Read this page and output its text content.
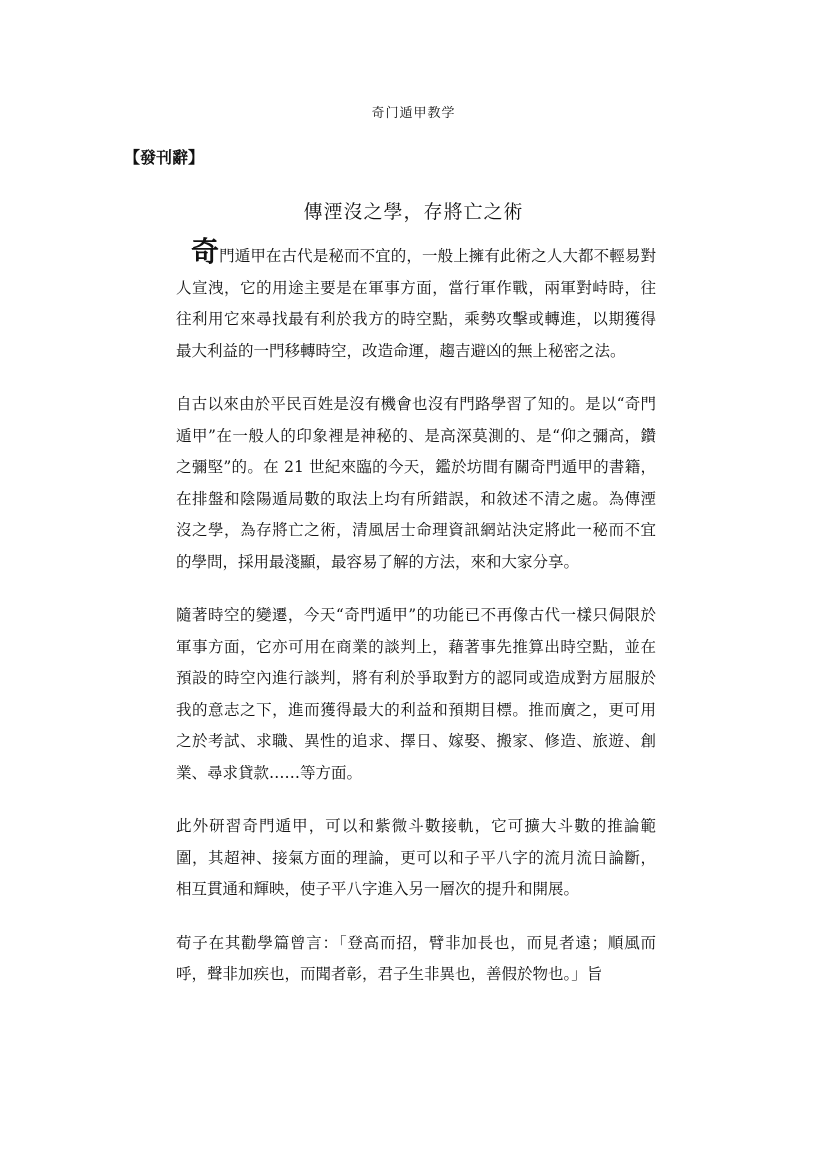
奇门遁甲教学
【發刊辭】
傳湮沒之學，存將亡之術

奇門遁甲在古代是秘而不宜的，一般上擁有此術之人大都不輕易對人宣洩，它的用途主要是在軍事方面，當行軍作戰，兩軍對峙時，往往利用它來尋找最有利於我方的時空點，乘勢攻擊或轉進，以期獲得最大利益的一門移轉時空，改造命運，趨吉避凶的無上秘密之法。

自古以來由於平民百姓是沒有機會也沒有門路學習了知的。是以“奇門遁甲”在一般人的印象裡是神秘的、是高深莫測的、是“仰之彌高，鑽之彌堅”的。在 21 世紀來臨的今天，鑑於坊間有關奇門遁甲的書籍，在排盤和陰陽遁局數的取法上均有所錯誤，和敘述不清之處。為傳湮沒之學，為存將亡之術，清風居士命理資訊網站決定將此一秘而不宜的學問，採用最淺顯，最容易了解的方法，來和大家分享。

隨著時空的變遷，今天“奇門遁甲”的功能已不再像古代一樣只侷限於軍事方面，它亦可用在商業的談判上，藉著事先推算出時空點，並在預設的時空內進行談判，將有利於爭取對方的認同或造成對方屈服於我的意志之下，進而獲得最大的利益和預期目標。推而廣之，更可用之於考試、求職、異性的追求、擇日、嫁娶、搬家、修造、旅遊、創業、尋求貸款……等方面。

此外研習奇門遁甲，可以和紫微斗數接軌，它可擴大斗數的推論範圍，其超神、接氣方面的理論，更可以和子平八字的流月流日論斷，相互貫通和輝映，使子平八字進入另一層次的提升和開展。

荀子在其勸學篇曾言：「登高而招，臂非加長也，而見者遠；順風而呼，聲非加疾也，而聞者彰，君子生非異也，善假於物也。」旨
